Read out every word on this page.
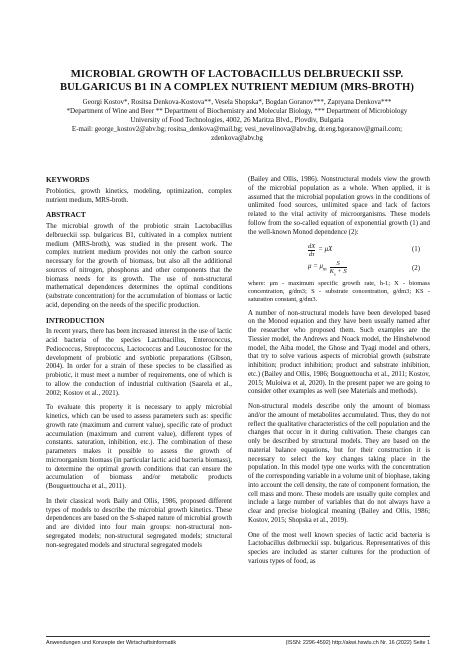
MICROBIAL GROWTH OF LACTOBACILLUS DELBRUECKII SSP.
BULGARICUS B1 IN A COMPLEX NUTRIENT MEDIUM (MRS-BROTH)
Georgi Kostov*, Rositsa Denkova-Kostova**, Vesela Shopska*, Bogdan Goranov***, Zapryana Denkova***
*Department of Wine and Beer ** Department of Biochemistry and Molecular Biology, *** Department of Microbiology
University of Food Technologies, 4002, 26 Maritza Blvd., Plovdiv, Bulgaria
E-mail: george_kostov2@abv.bg; rositsa_denkova@mail.bg; vesi_nevelinova@abv.bg, dr.eng.bgoranov@gmail.com;
zdenkova@abv.bg
KEYWORDS
Probiotics, growth kinetics, modeling, optimization, complex nutrient medium, MRS-broth.
ABSTRACT
The microbial growth of the probiotic strain Lactobacillus delbrueckii ssp. bulgaricus B1, cultivated in a complex nutrient medium (MRS-broth), was studied in the present work. The complex nutrient medium provides not only the carbon source necessary for the growth of biomass, but also all the additional sources of nitrogen, phosphorus and other components that the biomass needs for its growth. The use of non-structural mathematical dependences determines the optimal conditions (substrate concentration) for the accumulation of biomass or lactic acid, depending on the needs of the specific production.
INTRODUCTION
In recent years, there has been increased interest in the use of lactic acid bacteria of the species Lactobacillus, Enterococcus, Pediococcus, Streptococcus, Lactococcus and Leuconostoc for the development of probiotic and synbiotic preparations (Gibson, 2004). In order for a strain of these species to be classified as probiotic, it must meet a number of requirements, one of which is to allow the conduction of industrial cultivation (Saarela et al., 2002; Kostov et al., 2021).
To evaluate this property it is necessary to apply microbial kinetics, which can be used to assess parameters such as: specific growth rate (maximum and current value), specific rate of product accumulation (maximum and current value), different types of constants. saturation, inhibition, etc.). The combination of these parameters makes it possible to assess the growth of microorganism biomass (in particular lactic acid bacteria biomass), to determine the optimal growth conditions that can ensure the accumulation of biomass and/or metabolic products (Bouguettoucha et al., 2011).
In their classical work Baily and Ollis, 1986, proposed different types of models to describe the microbial growth kinetics. These dependences are based on the S-shaped nature of microbial growth and are divided into four main groups: non-structural non-segregated models; non-structural segregated models; structural non-segregated models and structural segregated models
(Bailey and Ollis, 1986). Nonstructural models view the growth of the microbial population as a whole. When applied, it is assumed that the microbial population grows in the conditions of unlimited food sources, unlimited space and lack of factors related to the vital activity of microorganisms. These models follow from the so-called equation of exponential growth (1) and the well-known Monod dependence (2):
$\frac{dX}{d\tau} = \mu X$	(1)
$\mu = \mu_m \frac{S}{K_s + S}$	(2)
where: μm - maximum specific growth rate, h-1; X - biomass concentration, g/dm3; S - substrate concentration, g/dm3; KS - saturation constant, g/dm3.
A number of non-structural models have been developed based on the Monod equation and they have been usually named after the researcher who proposed them. Such examples are the Tiessier model, the Andrews and Noack model, the Hinshelwood model, the Aiba model, the Ghose and Tyagi model and others, that try to solve various aspects of microbial growth (substrate inhibition; product inhibition; product and substrate inhibition, etc.) (Bailey and Ollis, 1986; Bouguettoucha et al., 2011; Kostov, 2015; Muloiwa et al, 2020). In the present paper we are going to consider other examples as well (see Materials and methods).
Non-structural models describe only the amount of biomass and/or the amount of metabolites accumulated. Thus, they do not reflect the qualitative characteristics of the cell population and the changes that occur in it during cultivation. These changes can only be described by structural models. They are based on the material balance equations, but for their construction it is necessary to select the key changes taking place in the population. In this model type one works with the concentration of the corresponding variable in a volume unit of biophase, taking into account the cell density, the rate of component formation, the cell mass and more. These models are usually quite complex and include a large number of variables that do not always have a clear and precise biological meaning (Bailey and Ollis, 1986; Kostov, 2015; Shopska et al., 2019).
One of the most well known species of lactic acid bacteria is Lactobacillus delbrueckii ssp. bulgaricus. Representatives of this species are included as starter cultures for the production of various types of food, as
Anwendungen und Konzepte der Wirtschaftsinformatik	(ISSN: 2296-4592) http://akwi.hswlu.ch Nr. 16 (2022) Seite 1
